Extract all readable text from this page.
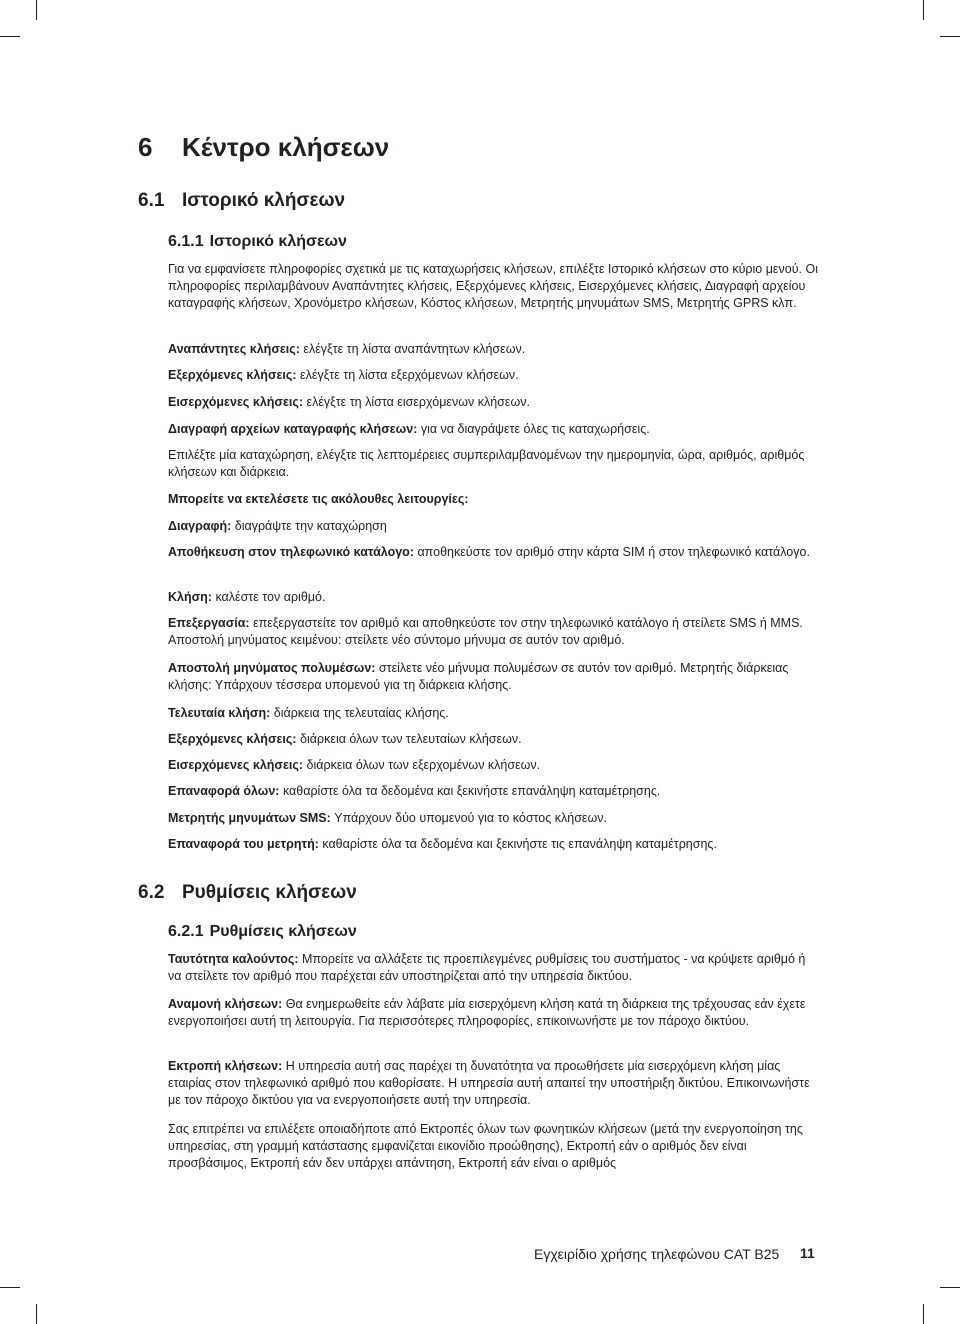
6 Κέντρο κλήσεων
6.1 Ιστορικό κλήσεων
6.1.1 Ιστορικό κλήσεων

Για να εμφανίσετε πληροφορίες σχετικά με τις καταχωρήσεις κλήσεων, επιλέξτε Ιστορικό κλήσεων στο κύριο μενού. Οι πληροφορίες περιλαμβάνουν Αναπάντητες κλήσεις, Εξερχόμενες κλήσεις, Εισερχόμενες κλήσεις, Διαγραφή αρχείου καταγραφής κλήσεων, Χρονόμετρο κλήσεων, Κόστος κλήσεων, Μετρητής μηνυμάτων SMS, Μετρητής GPRS κλπ.

Αναπάντητες κλήσεις: ελέγξτε τη λίστα αναπάντητων κλήσεων.

Εξερχόμενες κλήσεις: ελέγξτε τη λίστα εξερχόμενων κλήσεων.

Εισερχόμενες κλήσεις: ελέγξτε τη λίστα εισερχόμενων κλήσεων.

Διαγραφή αρχείων καταγραφής κλήσεων: για να διαγράψετε όλες τις καταχωρήσεις.

Επιλέξτε μία καταχώρηση, ελέγξτε τις λεπτομέρειες συμπεριλαμβανομένων την ημερομηνία, ώρα, αριθμός, αριθμός κλήσεων και διάρκεια.

Μπορείτε να εκτελέσετε τις ακόλουθες λειτουργίες:

Διαγραφή: διαγράψτε την καταχώρηση

Αποθήκευση στον τηλεφωνικό κατάλογο: αποθηκεύστε τον αριθμό στην κάρτα SIM ή στον τηλεφωνικό κατάλογο.

Κλήση: καλέστε τον αριθμό.

Επεξεργασία: επεξεργαστείτε τον αριθμό και αποθηκεύστε τον στην τηλεφωνικό κατάλογο ή στείλετε SMS ή MMS. Αποστολή μηνύματος κειμένου: στείλετε νέο σύντομο μήνυμα σε αυτόν τον αριθμό.

Αποστολή μηνύματος πολυμέσων: στείλετε νέο μήνυμα πολυμέσων σε αυτόν τον αριθμό. Μετρητής διάρκειας κλήσης: Υπάρχουν τέσσερα υπομενού για τη διάρκεια κλήσης.

Τελευταία κλήση: διάρκεια της τελευταίας κλήσης.

Εξερχόμενες κλήσεις: διάρκεια όλων των τελευταίων κλήσεων.

Εισερχόμενες κλήσεις: διάρκεια όλων των εξερχομένων κλήσεων.

Επαναφορά όλων: καθαρίστε όλα τα δεδομένα και ξεκινήστε επανάληψη καταμέτρησης.

Μετρητής μηνυμάτων SMS: Υπάρχουν δύο υπομενού για το κόστος κλήσεων.

Επαναφορά του μετρητή: καθαρίστε όλα τα δεδομένα και ξεκινήστε τις επανάληψη καταμέτρησης.

6.2 Ρυθμίσεις κλήσεων
6.2.1 Ρυθμίσεις κλήσεων

Ταυτότητα καλούντος: Μπορείτε να αλλάξετε τις προεπιλεγμένες ρυθμίσεις του συστήματος - να κρύψετε αριθμό ή να στείλετε τον αριθμό που παρέχεται εάν υποστηρίζεται από την υπηρεσία δικτύου.

Αναμονή κλήσεων: Θα ενημερωθείτε εάν λάβατε μία εισερχόμενη κλήση κατά τη διάρκεια της τρέχουσας εάν έχετε ενεργοποιήσει αυτή τη λειτουργία. Για περισσότερες πληροφορίες, επικοινωνήστε με τον πάροχο δικτύου.

Εκτροπή κλήσεων: Η υπηρεσία αυτή σας παρέχει τη δυνατότητα να προωθήσετε μία εισερχόμενη κλήση μίας εταιρίας στον τηλεφωνικό αριθμό που καθορίσατε. Η υπηρεσία αυτή απαιτεί την υποστήριξη δικτύου. Επικοινωνήστε με τον πάροχο δικτύου για να ενεργοποιήσετε αυτή την υπηρεσία.

Σας επιτρέπει να επιλέξετε οποιαδήποτε από Εκτροπές όλων των φωνητικών κλήσεων (μετά την ενεργοποίηση της υπηρεσίας, στη γραμμή κατάστασης εμφανίζεται εικονίδιο προώθησης), Εκτροπή εάν ο αριθμός δεν είναι προσβάσιμος, Εκτροπή εάν δεν υπάρχει απάντηση, Εκτροπή εάν είναι ο αριθμός

Εγχειρίδιο χρήσης τηλεφώνου CAT B25 11
